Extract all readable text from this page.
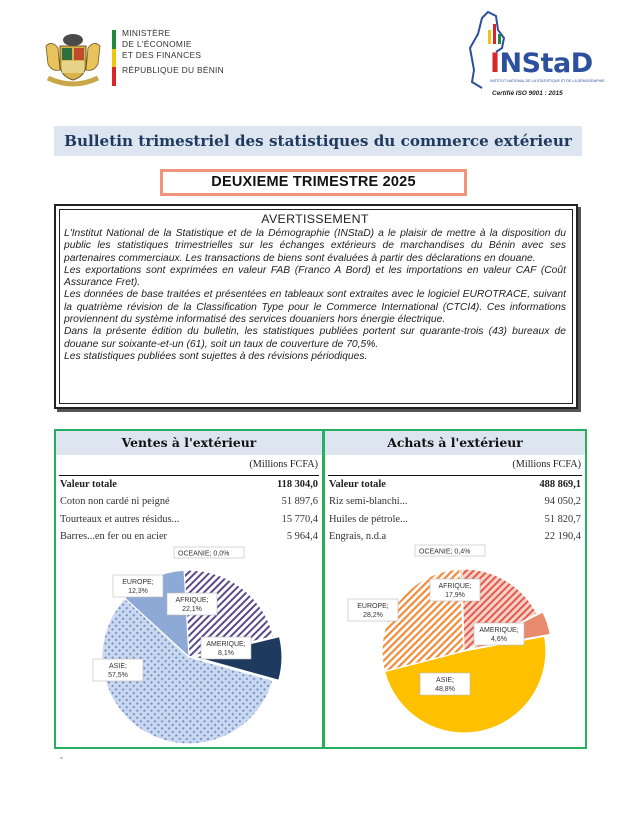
MINISTÈRE
DE L'ÉCONOMIE
ET DES FINANCES
RÉPUBLIQUE DU BÉNIN	INStaD
INSTITUT NATIONAL DE LA STATISTIQUE ET DE LA DÉMOGRAPHIE
Certifié ISO 9001 : 2015
Bulletin trimestriel des statistiques du commerce extérieur
DEUXIEME TRIMESTRE 2025
AVERTISSEMENT

L'Institut National de la Statistique et de la Démographie (INStaD) a le plaisir de mettre à la disposition du public les statistiques trimestrielles sur les échanges extérieurs de marchandises du Bénin avec ses partenaires commerciaux. Les transactions de biens sont évaluées à partir des déclarations en douane.

Les exportations sont exprimées en valeur FAB (Franco A Bord) et les importations en valeur CAF (Coût Assurance Fret).

Les données de base traitées et présentées en tableaux sont extraites avec le logiciel EUROTRACE, suivant la quatrième révision de la Classification Type pour le Commerce International (CTCI4). Ces informations proviennent du système informatisé des services douaniers hors énergie électrique.

Dans la présente édition du bulletin, les statistiques publiées portent sur quarante-trois (43) bureaux de douane sur soixante-et-un (61), soit un taux de couverture de 70,5%.

Les statistiques publiées sont sujettes à des révisions périodiques.

Ventes à l'extérieur
(Millions FCFA)
Valeur totale	118 304,0
Coton non cardé ni peigné	51 897,6
Tourteaux et autres résidus...	15 770,4
Barres...en fer ou en acier	5 964,4
OCEANIE; 0,0%
AFRIQUE;
22,1%
AMERIQUE;
8,1%
ASIE;
57,5%
EUROPE;
12,3%
Achats à l'extérieur
(Millions FCFA)
Valeur totale	488 869,1
Riz semi-blanchi...	94 050,2
Huiles de pétrole...	51 820,7
Engrais, n.d.a	22 190,4
OCEANIE; 0,4%
AFRIQUE;
17,9%
AMERIQUE;
4,6%
ASIE;
48,8%
EUROPE;
28,2%
